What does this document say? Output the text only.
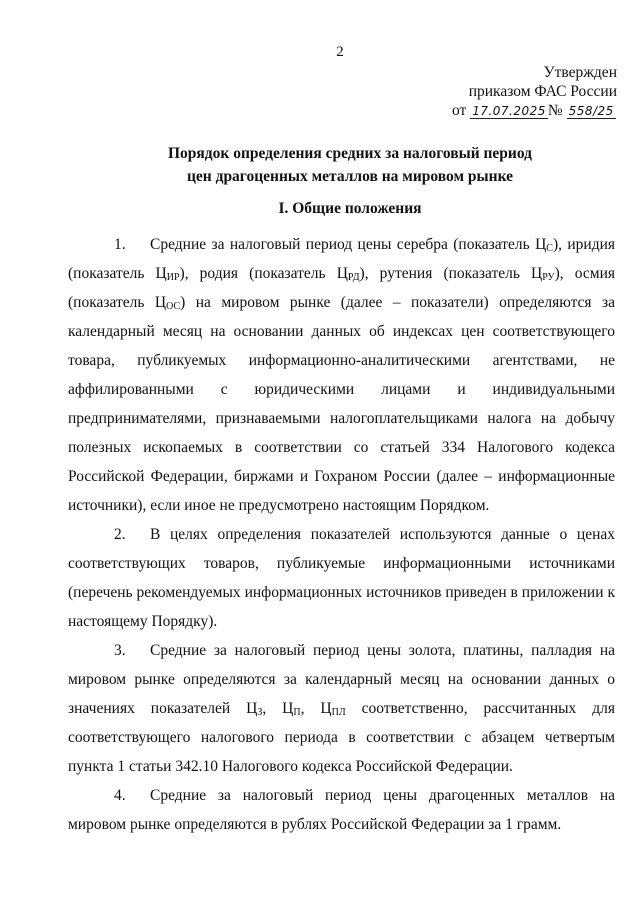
2
Утвержден
приказом ФАС России
от 17.07.2025 № 558/25
Порядок определения средних за налоговый период
цен драгоценных металлов на мировом рынке
I. Общие положения

1. Средние за налоговый период цены серебра (показатель $Ц_С$), иридия (показатель $Ц_{ИР}$), родия (показатель $Ц_{РД}$), рутения (показатель $Ц_{РУ}$), осмия (показатель $Ц_{ОС}$) на мировом рынке (далее – показатели) определяются за календарный месяц на основании данных об индексах цен соответствующего товара, публикуемых информационно-аналитическими агентствами, не аффилированными с юридическими лицами и индивидуальными предпринимателями, признаваемыми налогоплательщиками налога на добычу полезных ископаемых в соответствии со статьей 334 Налогового кодекса Российской Федерации, биржами и Гохраном России (далее – информационные источники), если иное не предусмотрено настоящим Порядком.

2. В целях определения показателей используются данные о ценах соответствующих товаров, публикуемые информационными источниками (перечень рекомендуемых информационных источников приведен в приложении к настоящему Порядку).

3. Средние за налоговый период цены золота, платины, палладия на мировом рынке определяются за календарный месяц на основании данных о значениях показателей $Ц_З$, $Ц_П$, $Ц_{ПЛ}$ соответственно, рассчитанных для соответствующего налогового периода в соответствии с абзацем четвертым пункта 1 статьи 342.10 Налогового кодекса Российской Федерации.

4. Средние за налоговый период цены драгоценных металлов на мировом рынке определяются в рублях Российской Федерации за 1 грамм.
